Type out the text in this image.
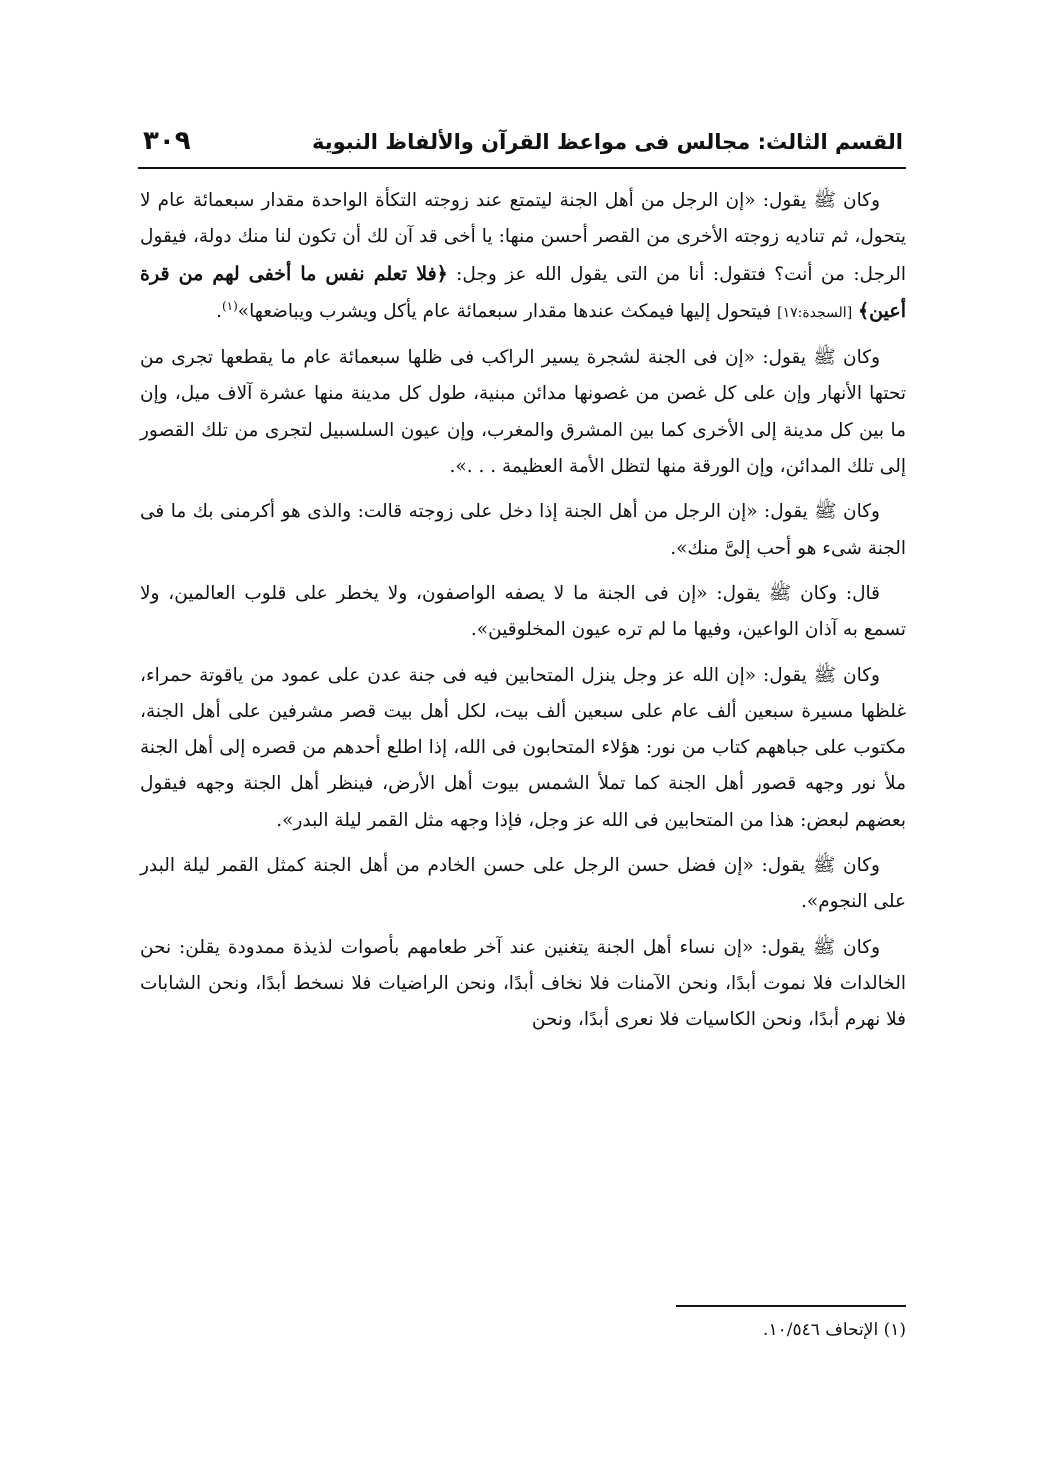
القسم الثالث: مجالس فى مواعظ القرآن والألفاظ النبوية
٣٠٩

وكان ﷺ يقول: «إن الرجل من أهل الجنة ليتمتع عند زوجته التكأة الواحدة مقدار سبعمائة عام لا يتحول، ثم تناديه زوجته الأخرى من القصر أحسن منها: يا أخى قد آن لك أن تكون لنا منك دولة، فيقول الرجل: من أنت؟ فتقول: أنا من التى يقول الله عز وجل: ﴿فلا تعلم نفس ما أخفى لهم من قرة أعين﴾ [السجدة:١٧] فيتحول إليها فيمكث عندها مقدار سبعمائة عام يأكل ويشرب ويباضعها»$^{(١)}$.

وكان ﷺ يقول: «إن فى الجنة لشجرة يسير الراكب فى ظلها سبعمائة عام ما يقطعها تجرى من تحتها الأنهار وإن على كل غصن من غصونها مدائن مبنية، طول كل مدينة منها عشرة آلاف ميل، وإن ما بين كل مدينة إلى الأخرى كما بين المشرق والمغرب، وإن عيون السلسبيل لتجرى من تلك القصور إلى تلك المدائن، وإن الورقة منها لتظل الأمة العظيمة . . .».

وكان ﷺ يقول: «إن الرجل من أهل الجنة إذا دخل على زوجته قالت: والذى هو أكرمنى بك ما فى الجنة شىء هو أحب إلىَّ منك».

قال: وكان ﷺ يقول: «إن فى الجنة ما لا يصفه الواصفون، ولا يخطر على قلوب العالمين، ولا تسمع به آذان الواعين، وفيها ما لم تره عيون المخلوقين».

وكان ﷺ يقول: «إن الله عز وجل ينزل المتحابين فيه فى جنة عدن على عمود من ياقوتة حمراء، غلظها مسيرة سبعين ألف عام على سبعين ألف بيت، لكل أهل بيت قصر مشرفين على أهل الجنة، مكتوب على جباههم كتاب من نور: هؤلاء المتحابون فى الله، إذا اطلع أحدهم من قصره إلى أهل الجنة ملأ نور وجهه قصور أهل الجنة كما تملأ الشمس بيوت أهل الأرض، فينظر أهل الجنة وجهه فيقول بعضهم لبعض: هذا من المتحابين فى الله عز وجل، فإذا وجهه مثل القمر ليلة البدر».

وكان ﷺ يقول: «إن فضل حسن الرجل على حسن الخادم من أهل الجنة كمثل القمر ليلة البدر على النجوم».

وكان ﷺ يقول: «إن نساء أهل الجنة يتغنين عند آخر طعامهم بأصوات لذيذة ممدودة يقلن: نحن الخالدات فلا نموت أبدًا، ونحن الآمنات فلا نخاف أبدًا، ونحن الراضيات فلا نسخط أبدًا، ونحن الشابات فلا نهرم أبدًا، ونحن الكاسيات فلا نعرى أبدًا، ونحن

(١) الإتحاف ١٠/٥٤٦.
